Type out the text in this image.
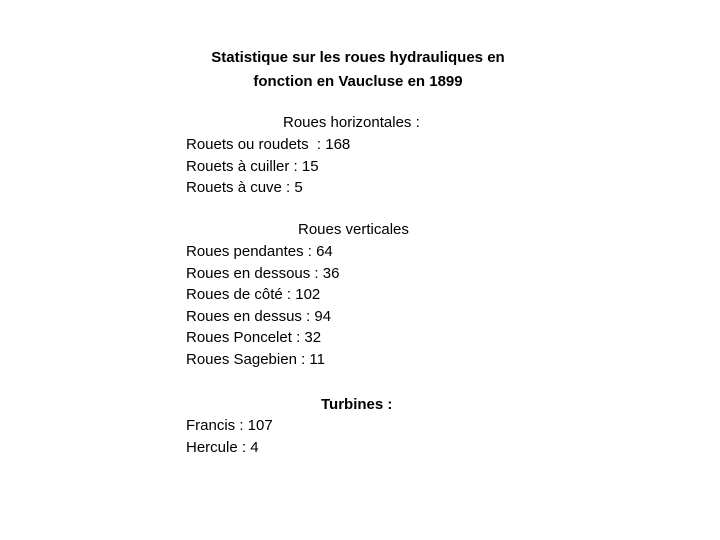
Statistique sur les roues hydrauliques en
fonction en Vaucluse en 1899
Roues horizontales :
Rouets ou roudets  : 168
Rouets à cuiller : 15
Rouets à cuve : 5
Roues verticales
Roues pendantes : 64
Roues en dessous : 36
Roues de côté : 102
Roues en dessus : 94
Roues Poncelet : 32
Roues Sagebien : 11
Turbines :
Francis : 107
Hercule : 4
